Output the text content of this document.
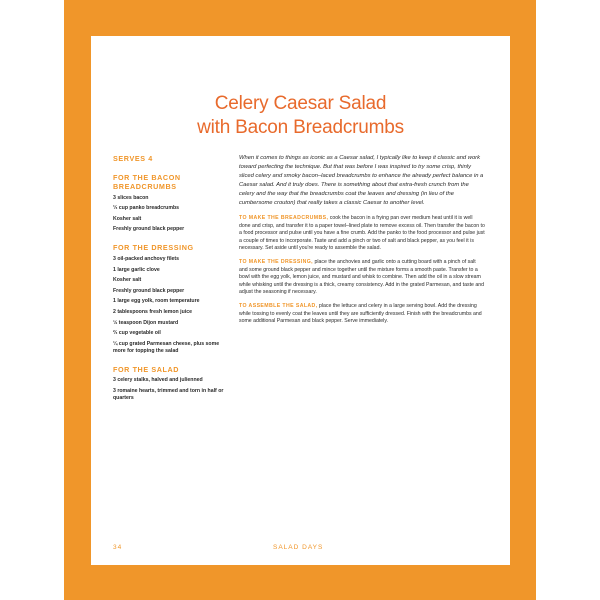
Celery Caesar Salad
with Bacon Breadcrumbs
SERVES 4
FOR THE BACON
BREADCRUMBS
3 slices bacon
⅓ cup panko breadcrumbs
Kosher salt
Freshly ground black pepper
FOR THE DRESSING
3 oil-packed anchovy filets
1 large garlic clove
Kosher salt
Freshly ground black pepper
1 large egg yolk, room temperature
2 tablespoons fresh lemon juice
½ teaspoon Dijon mustard
⅔ cup vegetable oil
¼ cup grated Parmesan cheese, plus some more for topping the salad
FOR THE SALAD
3 celery stalks, halved and julienned
3 romaine hearts, trimmed and torn in half or quarters
When it comes to things as iconic as a Caesar salad, I typically like to keep it classic and work toward perfecting the technique. But that was before I was inspired to try some crisp, thinly sliced celery and smoky bacon–laced breadcrumbs to enhance the already perfect balance in a Caesar salad. And it truly does. There is something about that extra-fresh crunch from the celery and the way that the breadcrumbs coat the leaves and dressing (in lieu of the cumbersome crouton) that really takes a classic Caesar to another level.
TO MAKE THE BREADCRUMBS, cook the bacon in a frying pan over medium heat until it is well done and crisp, and transfer it to a paper towel–lined plate to remove excess oil. Then transfer the bacon to a food processor and pulse until you have a fine crumb. Add the panko to the food processor and pulse just a couple of times to incorporate. Taste and add a pinch or two of salt and black pepper, as you feel it is necessary. Set aside until you're ready to assemble the salad.
TO MAKE THE DRESSING, place the anchovies and garlic onto a cutting board with a pinch of salt and some ground black pepper and mince together until the mixture forms a smooth paste. Transfer to a bowl with the egg yolk, lemon juice, and mustard and whisk to combine. Then add the oil in a slow stream while whisking until the dressing is a thick, creamy consistency. Add in the grated Parmesan, and taste and adjust the seasoning if necessary.
TO ASSEMBLE THE SALAD, place the lettuce and celery in a large serving bowl. Add the dressing while tossing to evenly coat the leaves until they are sufficiently dressed. Finish with the breadcrumbs and some additional Parmesan and black pepper. Serve immediately.
34	SALAD DAYS
